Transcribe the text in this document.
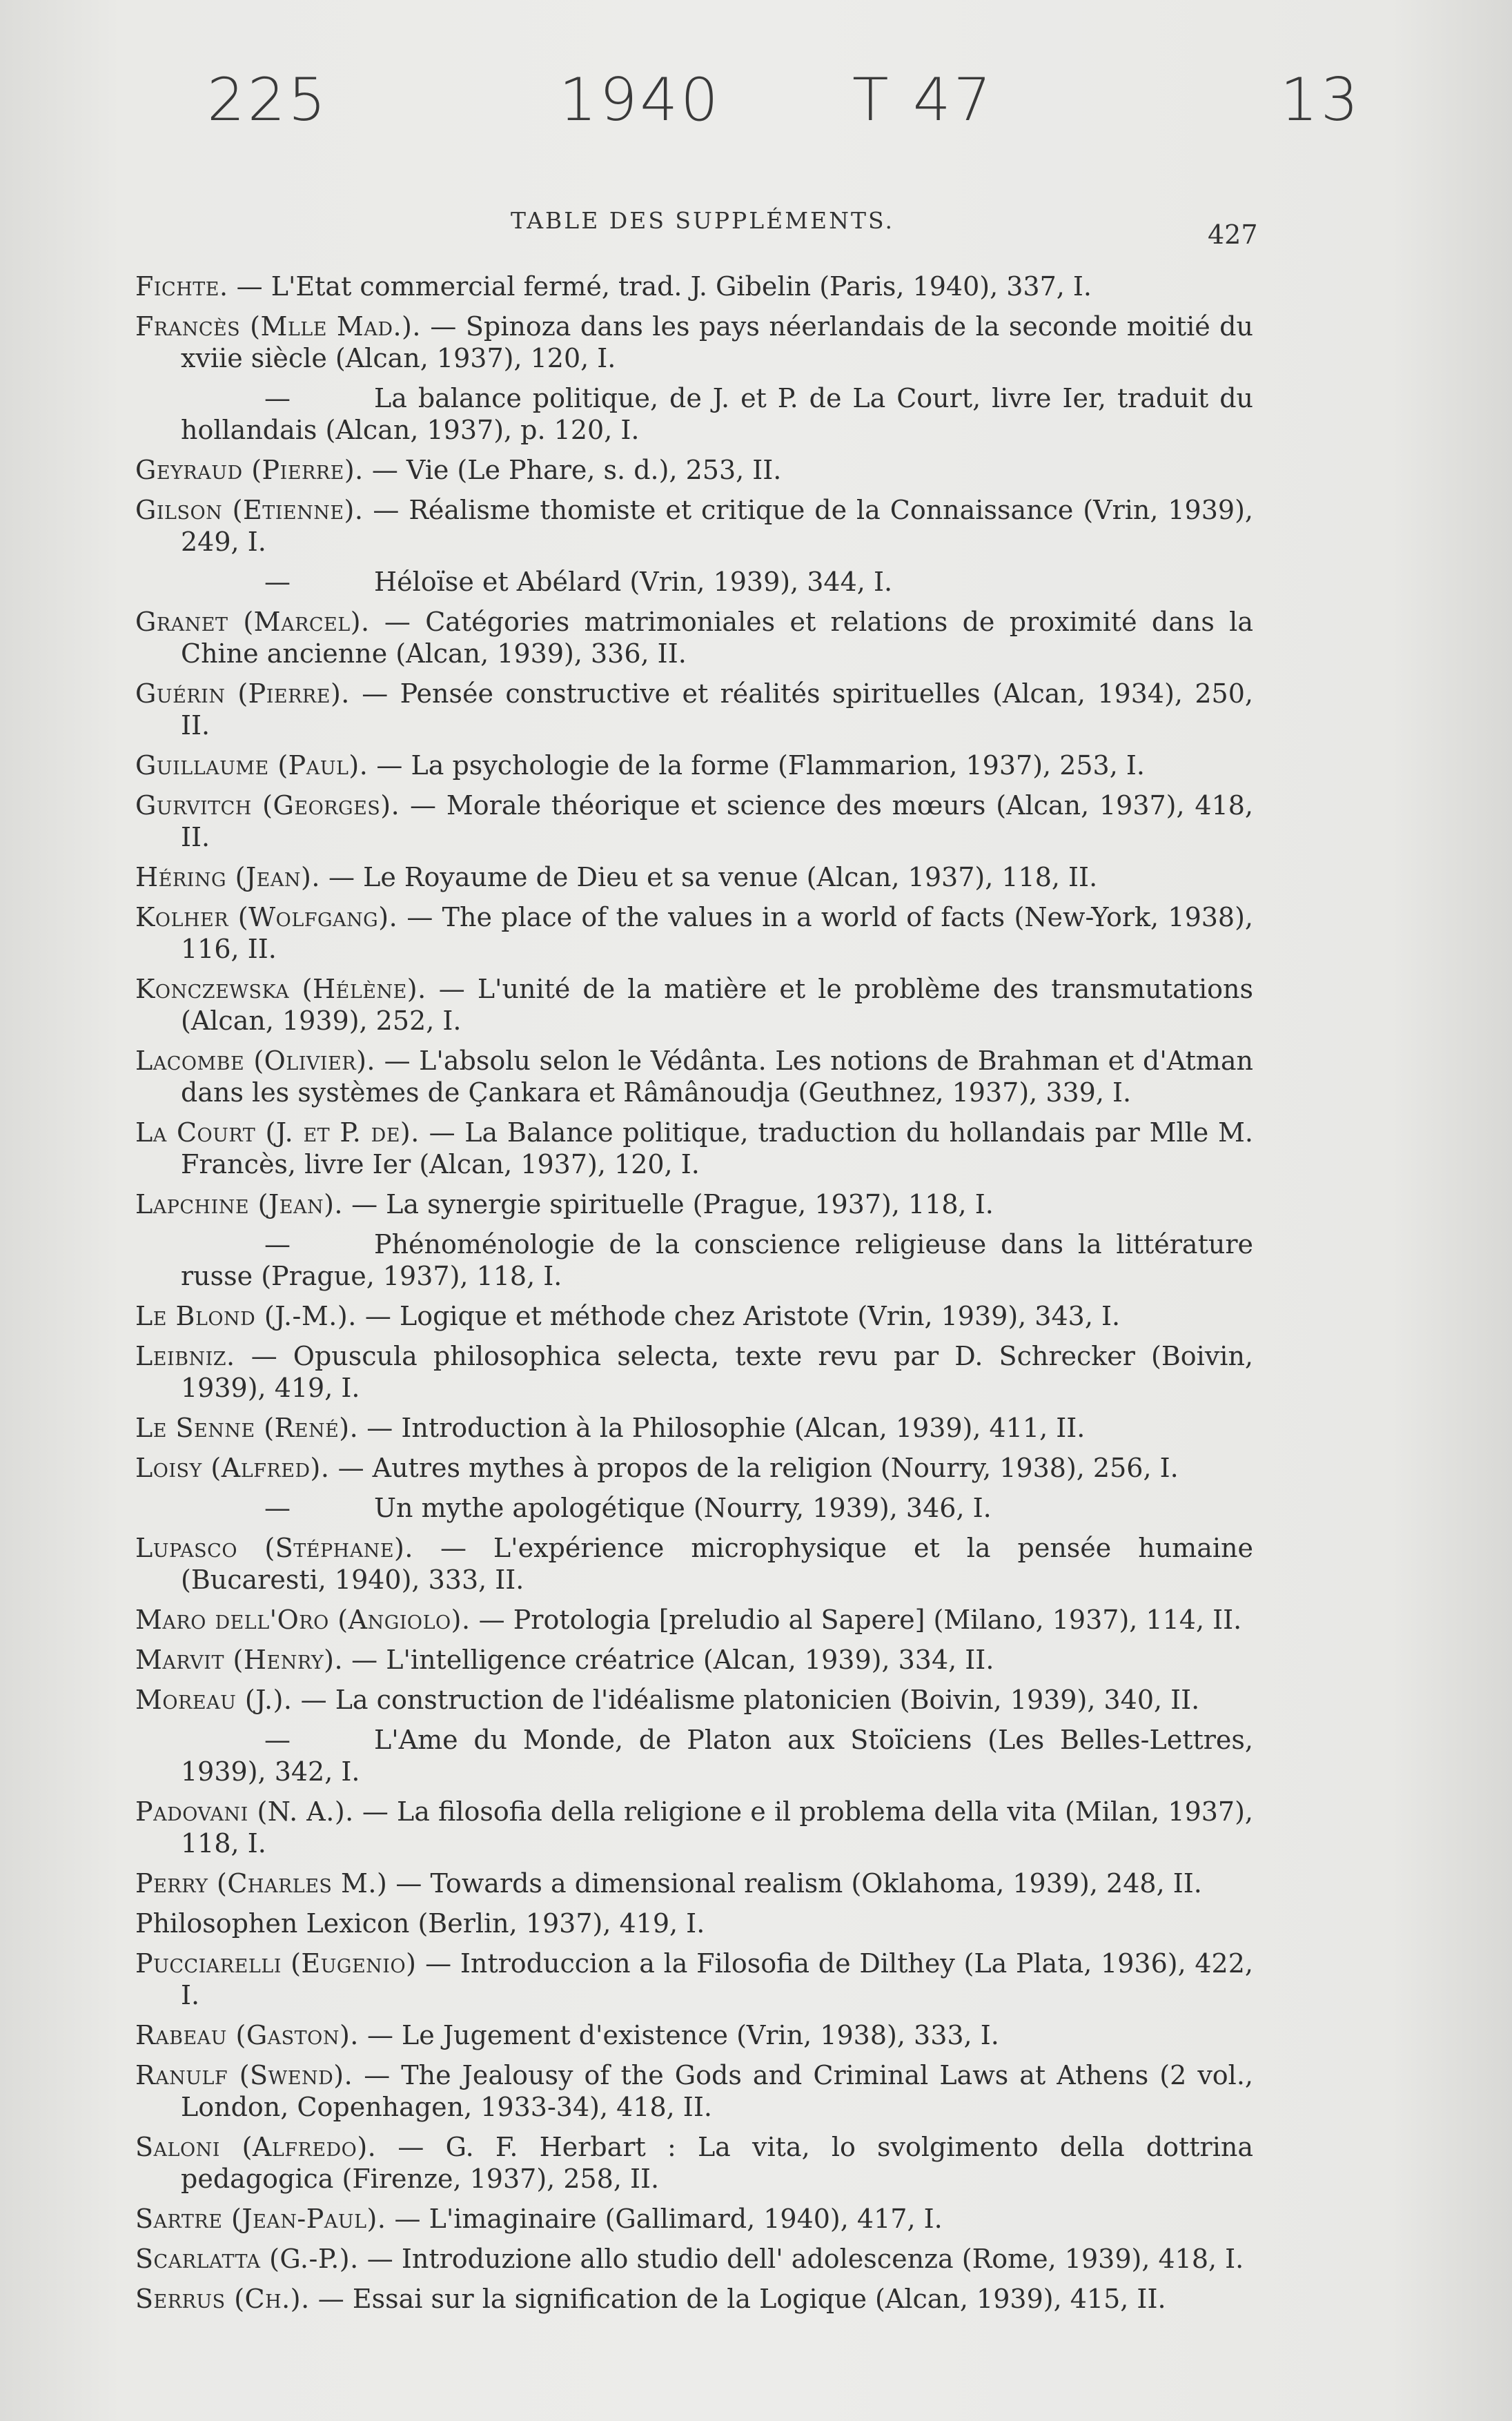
225	1940 T 47	13
TABLE DES SUPPLÉMENTS.	427
Fichte. — L'Etat commercial fermé, trad. J. Gibelin (Paris, 1940), 337, I.
Francès (Mlle Mad.). — Spinoza dans les pays néerlandais de la seconde moitié du xviie siècle (Alcan, 1937), 120, I.
—	La balance politique, de J. et P. de La Court, livre Ier, traduit du hollandais (Alcan, 1937), p. 120, I.
Geyraud (Pierre). — Vie (Le Phare, s. d.), 253, II.
Gilson (Etienne). — Réalisme thomiste et critique de la Connaissance (Vrin, 1939), 249, I.
—	Héloïse et Abélard (Vrin, 1939), 344, I.
Granet (Marcel). — Catégories matrimoniales et relations de proximité dans la Chine ancienne (Alcan, 1939), 336, II.
Guérin (Pierre). — Pensée constructive et réalités spirituelles (Alcan, 1934), 250, II.
Guillaume (Paul). — La psychologie de la forme (Flammarion, 1937), 253, I.
Gurvitch (Georges). — Morale théorique et science des mœurs (Alcan, 1937), 418, II.
Héring (Jean). — Le Royaume de Dieu et sa venue (Alcan, 1937), 118, II.
Kolher (Wolfgang). — The place of the values in a world of facts (New-York, 1938), 116, II.
Konczewska (Hélène). — L'unité de la matière et le problème des transmutations (Alcan, 1939), 252, I.
Lacombe (Olivier). — L'absolu selon le Védânta. Les notions de Brahman et d'Atman dans les systèmes de Çankara et Râmânoudja (Geuthnez, 1937), 339, I.
La Court (J. et P. de). — La Balance politique, traduction du hollandais par Mlle M. Francès, livre Ier (Alcan, 1937), 120, I.
Lapchine (Jean). — La synergie spirituelle (Prague, 1937), 118, I.
—	Phénoménologie de la conscience religieuse dans la littérature russe (Prague, 1937), 118, I.
Le Blond (J.-M.). — Logique et méthode chez Aristote (Vrin, 1939), 343, I.
Leibniz. — Opuscula philosophica selecta, texte revu par D. Schrecker (Boivin, 1939), 419, I.
Le Senne (René). — Introduction à la Philosophie (Alcan, 1939), 411, II.
Loisy (Alfred). — Autres mythes à propos de la religion (Nourry, 1938), 256, I.
—	Un mythe apologétique (Nourry, 1939), 346, I.
Lupasco (Stéphane). — L'expérience microphysique et la pensée humaine (Bucaresti, 1940), 333, II.
Maro dell'Oro (Angiolo). — Protologia [preludio al Sapere] (Milano, 1937), 114, II.
Marvit (Henry). — L'intelligence créatrice (Alcan, 1939), 334, II.
Moreau (J.). — La construction de l'idéalisme platonicien (Boivin, 1939), 340, II.
—	L'Ame du Monde, de Platon aux Stoïciens (Les Belles-Lettres, 1939), 342, I.
Padovani (N. A.). — La filosofia della religione e il problema della vita (Milan, 1937), 118, I.
Perry (Charles M.) — Towards a dimensional realism (Oklahoma, 1939), 248, II.
Philosophen Lexicon (Berlin, 1937), 419, I.
Pucciarelli (Eugenio) — Introduccion a la Filosofia de Dilthey (La Plata, 1936), 422, I.
Rabeau (Gaston). — Le Jugement d'existence (Vrin, 1938), 333, I.
Ranulf (Swend). — The Jealousy of the Gods and Criminal Laws at Athens (2 vol., London, Copenhagen, 1933-34), 418, II.
Saloni (Alfredo). — G. F. Herbart : La vita, lo svolgimento della dottrina pedagogica (Firenze, 1937), 258, II.
Sartre (Jean-Paul). — L'imaginaire (Gallimard, 1940), 417, I.
Scarlatta (G.-P.). — Introduzione allo studio dell' adolescenza (Rome, 1939), 418, I.
Serrus (Ch.). — Essai sur la signification de la Logique (Alcan, 1939), 415, II.
